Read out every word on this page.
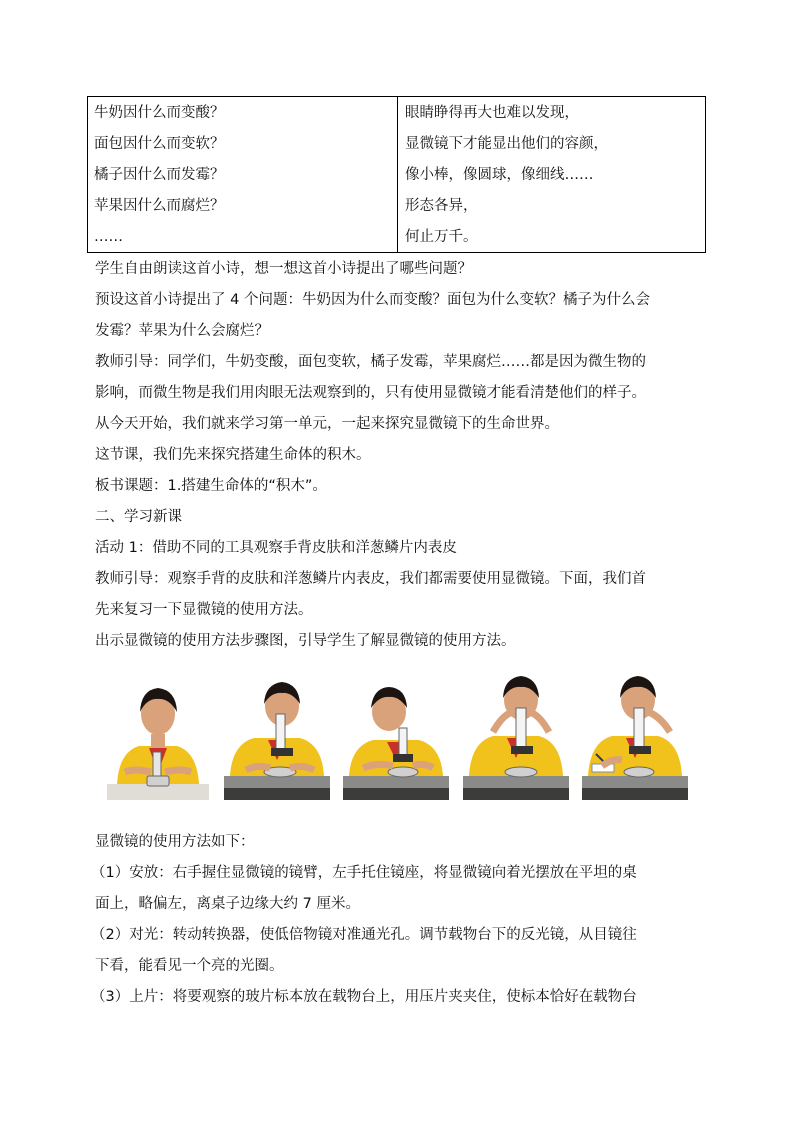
牛奶因什么而变酸？
面包因什么而变软？
橘子因什么而发霉？
苹果因什么而腐烂？
……
眼睛睁得再大也难以发现，
显微镜下才能显出他们的容颜，
像小棒，像圆球，像细线……
形态各异，
何止万千。
学生自由朗读这首小诗，想一想这首小诗提出了哪些问题？
预设这首小诗提出了 4 个问题：牛奶因为什么而变酸？面包为什么变软？橘子为什么会
发霉？苹果为什么会腐烂？
教师引导：同学们，牛奶变酸，面包变软，橘子发霉，苹果腐烂……都是因为微生物的
影响，而微生物是我们用肉眼无法观察到的，只有使用显微镜才能看清楚他们的样子。
从今天开始，我们就来学习第一单元，一起来探究显微镜下的生命世界。
这节课，我们先来探究搭建生命体的积木。
板书课题：1.搭建生命体的“积木”。
二、学习新课
活动 1：借助不同的工具观察手背皮肤和洋葱鳞片内表皮
教师引导：观察手背的皮肤和洋葱鳞片内表皮，我们都需要使用显微镜。下面，我们首
先来复习一下显微镜的使用方法。
出示显微镜的使用方法步骤图，引导学生了解显微镜的使用方法。
显微镜的使用方法如下：
（1）安放：右手握住显微镜的镜臂，左手托住镜座，将显微镜向着光摆放在平坦的桌
面上，略偏左，离桌子边缘大约 7 厘米。
（2）对光：转动转换器，使低倍物镜对准通光孔。调节载物台下的反光镜，从目镜往
下看，能看见一个亮的光圈。
（3）上片：将要观察的玻片标本放在载物台上，用压片夹夹住，使标本恰好在载物台
